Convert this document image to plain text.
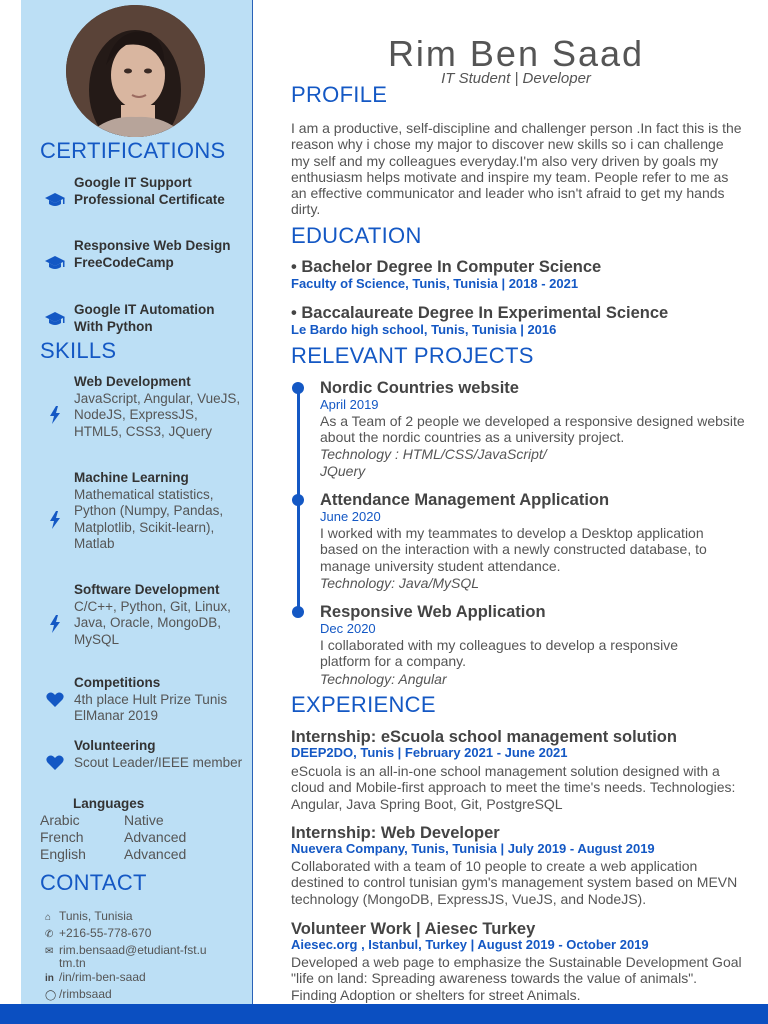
CERTIFICATIONS
Google IT Support Professional Certificate
Responsive Web Design FreeCodeCamp
Google IT Automation With Python
SKILLS
Web Development
JavaScript, Angular, VueJS, NodeJS, ExpressJS, HTML5, CSS3, JQuery
Machine Learning
Mathematical statistics, Python (Numpy, Pandas, Matplotlib, Scikit-learn), Matlab
Software Development
C/C++, Python, Git, Linux, Java, Oracle, MongoDB, MySQL
Competitions
4th place Hult Prize Tunis ElManar 2019
Volunteering
Scout Leader/IEEE member
Languages
Arabic	Native
French	Advanced
English	Advanced
CONTACT
⌂ Tunis, Tunisia
✆ +216-55-778-670
✉ rim.bensaad@etudiant-fst.utm.tn
in /in/rim-ben-saad
◯ /rimbsaad
Rim Ben Saad
IT Student | Developer
PROFILE
I am a productive, self-discipline and challenger person .In fact this is the reason why i chose my major to discover new skills so i can challenge my self and my colleagues everyday.I'm also very driven by goals my enthusiasm helps motivate and inspire my team. People refer to me as an effective communicator and leader who isn't afraid to get my hands dirty.
EDUCATION
• Bachelor Degree In Computer Science
Faculty of Science, Tunis, Tunisia | 2018 - 2021
• Baccalaureate Degree In Experimental Science
Le Bardo high school, Tunis, Tunisia | 2016
RELEVANT PROJECTS
Nordic Countries website
April 2019
As a Team of 2 people we developed a responsive designed website about the nordic countries as a university project.
Technology : HTML/CSS/JavaScript/ JQuery
Attendance Management Application
June 2020
I worked with my teammates to develop a Desktop application based on the interaction with a newly constructed database, to manage university student attendance.
Technology: Java/MySQL
Responsive Web Application
Dec 2020
I collaborated with my colleagues to develop a responsive platform for a company.
Technology: Angular
EXPERIENCE
Internship: eScuola school management solution
DEEP2DO, Tunis | February 2021 - June 2021
eScuola is an all-in-one school management solution designed with a cloud and Mobile-first approach to meet the time's needs. Technologies: Angular, Java Spring Boot, Git, PostgreSQL
Internship: Web Developer
Nuevera Company, Tunis, Tunisia | July 2019 - August 2019
Collaborated with a team of 10 people to create a web application destined to control tunisian gym's management system based on MEVN technology (MongoDB, ExpressJS, VueJS, and NodeJS).
Volunteer Work | Aiesec Turkey
Aiesec.org , Istanbul, Turkey | August 2019 - October 2019
Developed a web page to emphasize the Sustainable Development Goal "life on land: Spreading awareness towards the value of animals". Finding Adoption or shelters for street Animals.
